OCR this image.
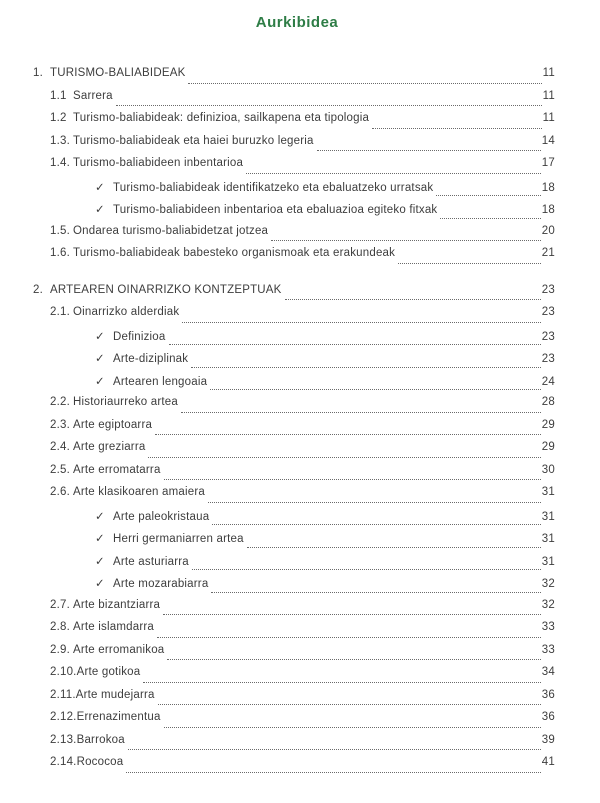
Aurkibidea
1. TURISMO-BALIABIDEAK	11
1.1 Sarrera	11
1.2 Turismo-baliabideak: definizioa, sailkapena eta tipologia	11
1.3. Turismo-baliabideak eta haiei buruzko legeria	14
1.4. Turismo-baliabideen inbentarioa	17
✓ Turismo-baliabideak identifikatzeko eta ebaluatzeko urratsak	18
✓ Turismo-baliabideen inbentarioa eta ebaluazioa egiteko fitxak	18
1.5. Ondarea turismo-baliabidetzat jotzea	20
1.6. Turismo-baliabideak babesteko organismoak eta erakundeak	21
2. ARTEAREN OINARRIZKO KONTZEPTUAK	23
2.1. Oinarrizko alderdiak	23
✓ Definizioa	23
✓ Arte-diziplinak	23
✓ Artearen lengoaia	24
2.2. Historiaurreko artea	28
2.3. Arte egiptoarra	29
2.4. Arte greziarra	29
2.5. Arte erromatarra	30
2.6. Arte klasikoaren amaiera	31
✓ Arte paleokristaua	31
✓ Herri germaniarren artea	31
✓ Arte asturiarra	31
✓ Arte mozarabiarra	32
2.7. Arte bizantziarra	32
2.8. Arte islamdarra	33
2.9. Arte erromanikoa	33
2.10. Arte gotikoa	34
2.11. Arte mudejarra	36
2.12. Errenazimentua	36
2.13. Barrokoa	39
2.14. Rococoa	41
